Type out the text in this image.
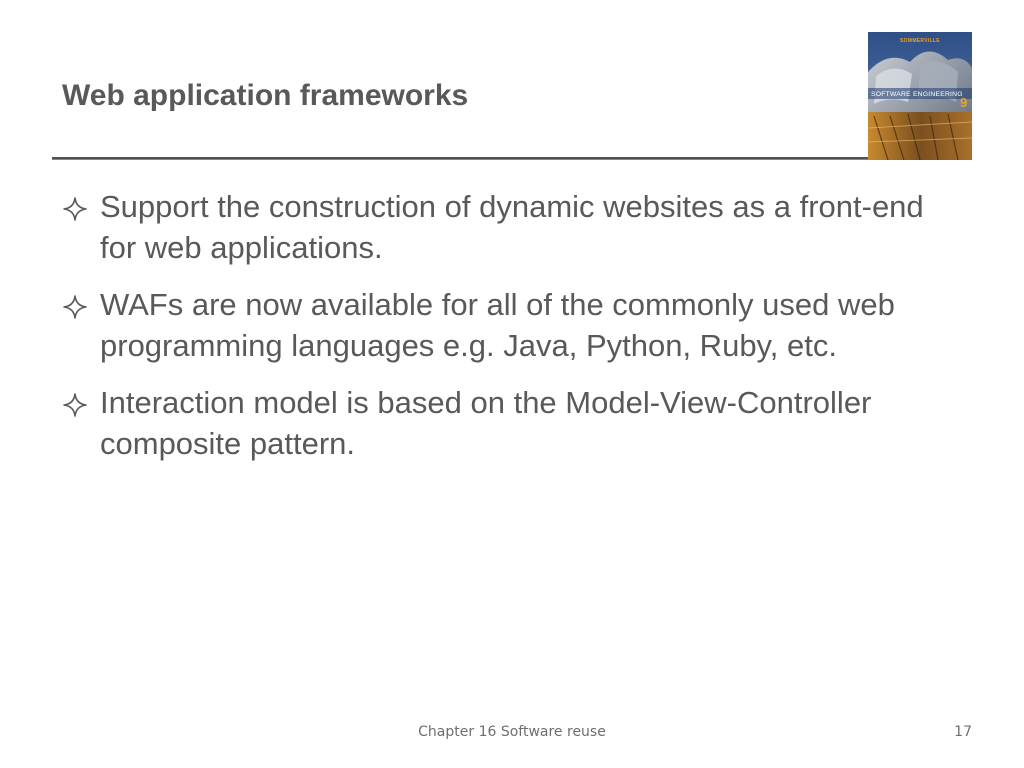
Web application frameworks
SOMMERVILLE
SOFTWARE ENGINEERING
9
Support the construction of dynamic websites as a front-end for web applications.
WAFs are now available for all of the commonly used web programming languages e.g. Java, Python, Ruby, etc.
Interaction model is based on the Model-View-Controller composite pattern.
Chapter 16 Software reuse	17
